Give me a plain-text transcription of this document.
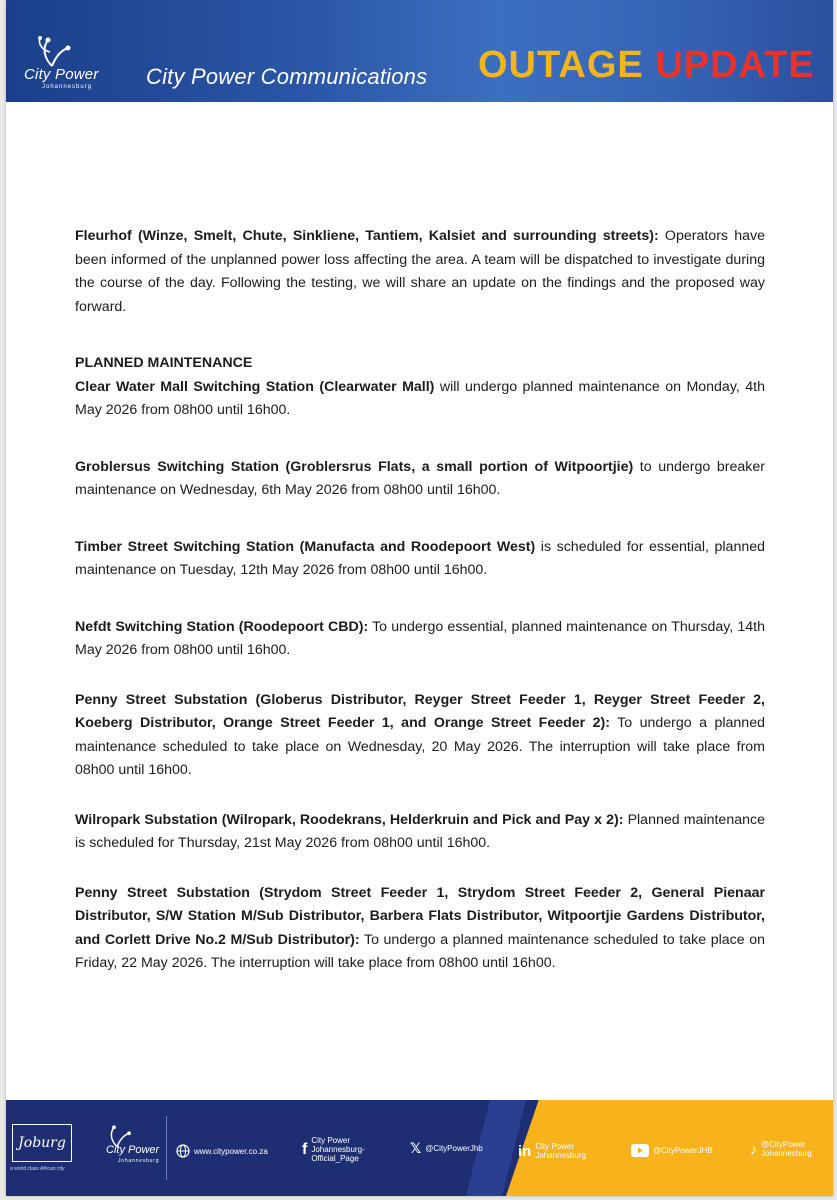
City Power
Johannesburg City Power Communications OUTAGE UPDATE

Fleurhof (Winze, Smelt, Chute, Sinkliene, Tantiem, Kalsiet and surrounding streets): Operators have been informed of the unplanned power loss affecting the area. A team will be dispatched to investigate during the course of the day. Following the testing, we will share an update on the findings and the proposed way forward.

PLANNED MAINTENANCE

Clear Water Mall Switching Station (Clearwater Mall) will undergo planned maintenance on Monday, 4th May 2026 from 08h00 until 16h00.

Groblersus Switching Station (Groblersrus Flats, a small portion of Witpoortjie) to undergo breaker maintenance on Wednesday, 6th May 2026 from 08h00 until 16h00.

Timber Street Switching Station (Manufacta and Roodepoort West) is scheduled for essential, planned maintenance on Tuesday, 12th May 2026 from 08h00 until 16h00.

Nefdt Switching Station (Roodepoort CBD): To undergo essential, planned maintenance on Thursday, 14th May 2026 from 08h00 until 16h00.

Penny Street Substation (Globerus Distributor, Reyger Street Feeder 1, Reyger Street Feeder 2, Koeberg Distributor, Orange Street Feeder 1, and Orange Street Feeder 2): To undergo a planned maintenance scheduled to take place on Wednesday, 20 May 2026. The interruption will take place from 08h00 until 16h00.

Wilropark Substation (Wilropark, Roodekrans, Helderkruin and Pick and Pay x 2): Planned maintenance is scheduled for Thursday, 21st May 2026 from 08h00 until 16h00.

Penny Street Substation (Strydom Street Feeder 1, Strydom Street Feeder 2, General Pienaar Distributor, S/W Station M/Sub Distributor, Barbera Flats Distributor, Witpoortjie Gardens Distributor, and Corlett Drive No.2 M/Sub Distributor): To undergo a planned maintenance scheduled to take place on Friday, 22 May 2026. The interruption will take place from 08h00 until 16h00.

Joburg
a world class African city
City Power
Johannesburg
www.citypower.co.za f
City Power
Johannesburg-
Official_Page
𝕏 @CityPowerJhb in City Power
Johannesburg
@CityPowerJHB	♪ @CityPower
Johannesburg
